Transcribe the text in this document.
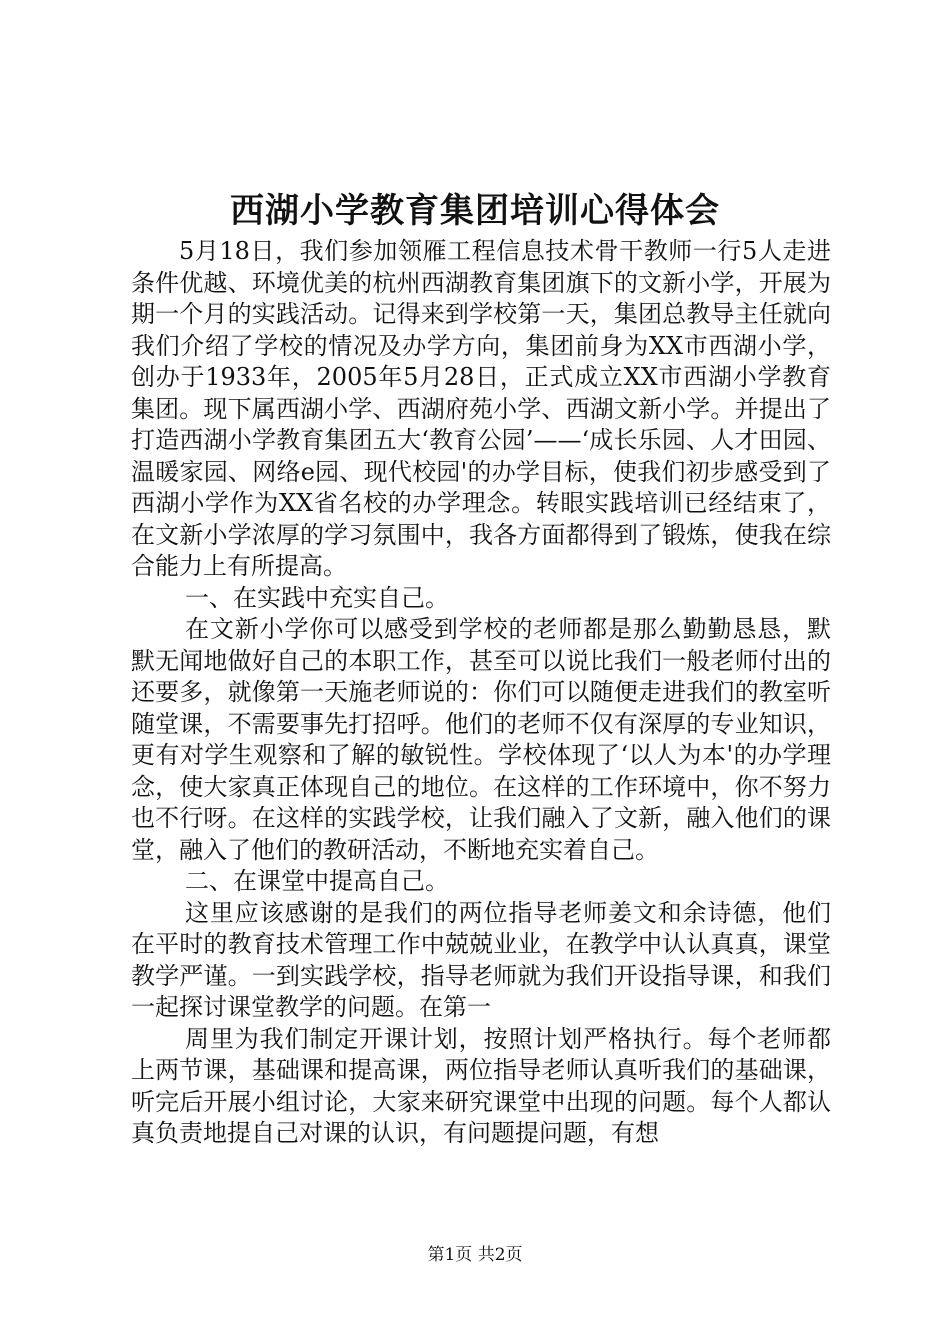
西湖小学教育集团培训心得体会

5月18日，我们参加领雁工程信息技术骨干教师一行5人走进条件优越、环境优美的杭州西湖教育集团旗下的文新小学，开展为期一个月的实践活动。记得来到学校第一天，集团总教导主任就向我们介绍了学校的情况及办学方向，集团前身为XX市西湖小学，创办于1933年，2005年5月28日，正式成立XX市西湖小学教育集团。现下属西湖小学、西湖府苑小学、西湖文新小学。并提出了打造西湖小学教育集团五大‘教育公园’——‘成长乐园、人才田园、温暖家园、网络e园、现代校园'的办学目标，使我们初步感受到了西湖小学作为XX省名校的办学理念。转眼实践培训已经结束了，在文新小学浓厚的学习氛围中，我各方面都得到了锻炼，使我在综合能力上有所提高。

一、在实践中充实自己。

在文新小学你可以感受到学校的老师都是那么勤勤恳恳，默默无闻地做好自己的本职工作，甚至可以说比我们一般老师付出的还要多，就像第一天施老师说的：你们可以随便走进我们的教室听随堂课，不需要事先打招呼。他们的老师不仅有深厚的专业知识，更有对学生观察和了解的敏锐性。学校体现了‘以人为本'的办学理念，使大家真正体现自己的地位。在这样的工作环境中，你不努力也不行呀。在这样的实践学校，让我们融入了文新，融入他们的课堂，融入了他们的教研活动，不断地充实着自己。

二、在课堂中提高自己。

这里应该感谢的是我们的两位指导老师姜文和余诗德，他们在平时的教育技术管理工作中兢兢业业，在教学中认认真真，课堂教学严谨。一到实践学校，指导老师就为我们开设指导课，和我们一起探讨课堂教学的问题。在第一

周里为我们制定开课计划，按照计划严格执行。每个老师都上两节课，基础课和提高课，两位指导老师认真听我们的基础课，听完后开展小组讨论，大家来研究课堂中出现的问题。每个人都认真负责地提自己对课的认识，有问题提问题，有想

第1页 共2页
